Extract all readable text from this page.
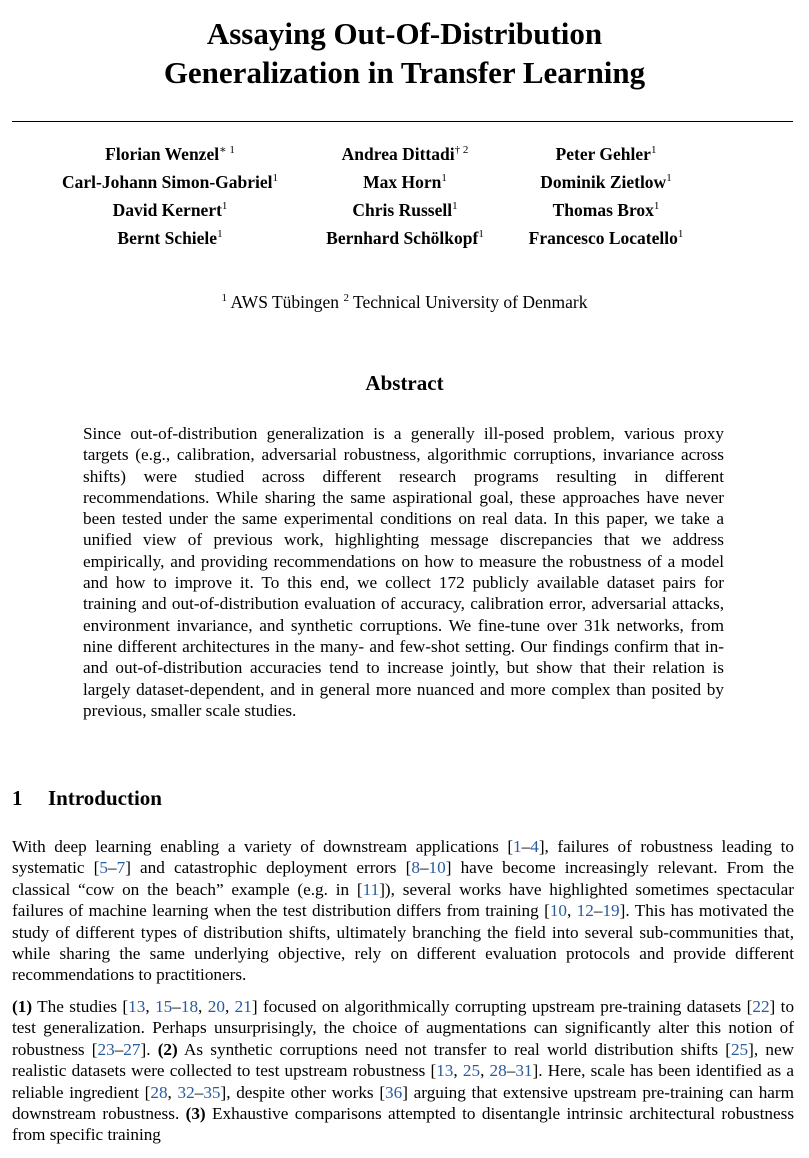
Assaying Out-Of-Distribution
Generalization in Transfer Learning
Florian Wenzel$^{∗ 1}$	Andrea Dittadi$^{\dagger 2}$	Peter Gehler$^1$
Carl-Johann Simon-Gabriel$^1$	Max Horn$^1$	Dominik Zietlow$^1$
David Kernert$^1$	Chris Russell$^1$	Thomas Brox$^1$
Bernt Schiele$^1$	Bernhard Schölkopf$^1$	Francesco Locatello$^1$
$^1$ AWS Tübingen $^2$ Technical University of Denmark
Abstract
Since out-of-distribution generalization is a generally ill-posed problem, various proxy targets (e.g., calibration, adversarial robustness, algorithmic corruptions, invariance across shifts) were studied across different research programs resulting in different recommendations. While sharing the same aspirational goal, these approaches have never been tested under the same experimental conditions on real data. In this paper, we take a unified view of previous work, highlighting message discrepancies that we address empirically, and providing recommendations on how to measure the robustness of a model and how to improve it. To this end, we collect 172 publicly available dataset pairs for training and out-of-distribution evaluation of accuracy, calibration error, adversarial attacks, environment invariance, and synthetic corruptions. We fine-tune over 31k networks, from nine different architectures in the many- and few-shot setting. Our findings confirm that in- and out-of-distribution accuracies tend to increase jointly, but show that their relation is largely dataset-dependent, and in general more nuanced and more complex than posited by previous, smaller scale studies.
1 Introduction
With deep learning enabling a variety of downstream applications [1–4], failures of robustness leading to systematic [5–7] and catastrophic deployment errors [8–10] have become increasingly relevant. From the classical “cow on the beach” example (e.g. in [11]), several works have highlighted sometimes spectacular failures of machine learning when the test distribution differs from training [10, 12–19]. This has motivated the study of different types of distribution shifts, ultimately branching the field into several sub-communities that, while sharing the same underlying objective, rely on different evaluation protocols and provide different recommendations to practitioners.
(1) The studies [13, 15–18, 20, 21] focused on algorithmically corrupting upstream pre-training datasets [22] to test generalization. Perhaps unsurprisingly, the choice of augmentations can significantly alter this notion of robustness [23–27]. (2) As synthetic corruptions need not transfer to real world distribution shifts [25], new realistic datasets were collected to test upstream robustness [13, 25, 28–31]. Here, scale has been identified as a reliable ingredient [28, 32–35], despite other works [36] arguing that extensive upstream pre-training can harm downstream robustness. (3) Exhaustive comparisons attempted to disentangle intrinsic architectural robustness from specific training
